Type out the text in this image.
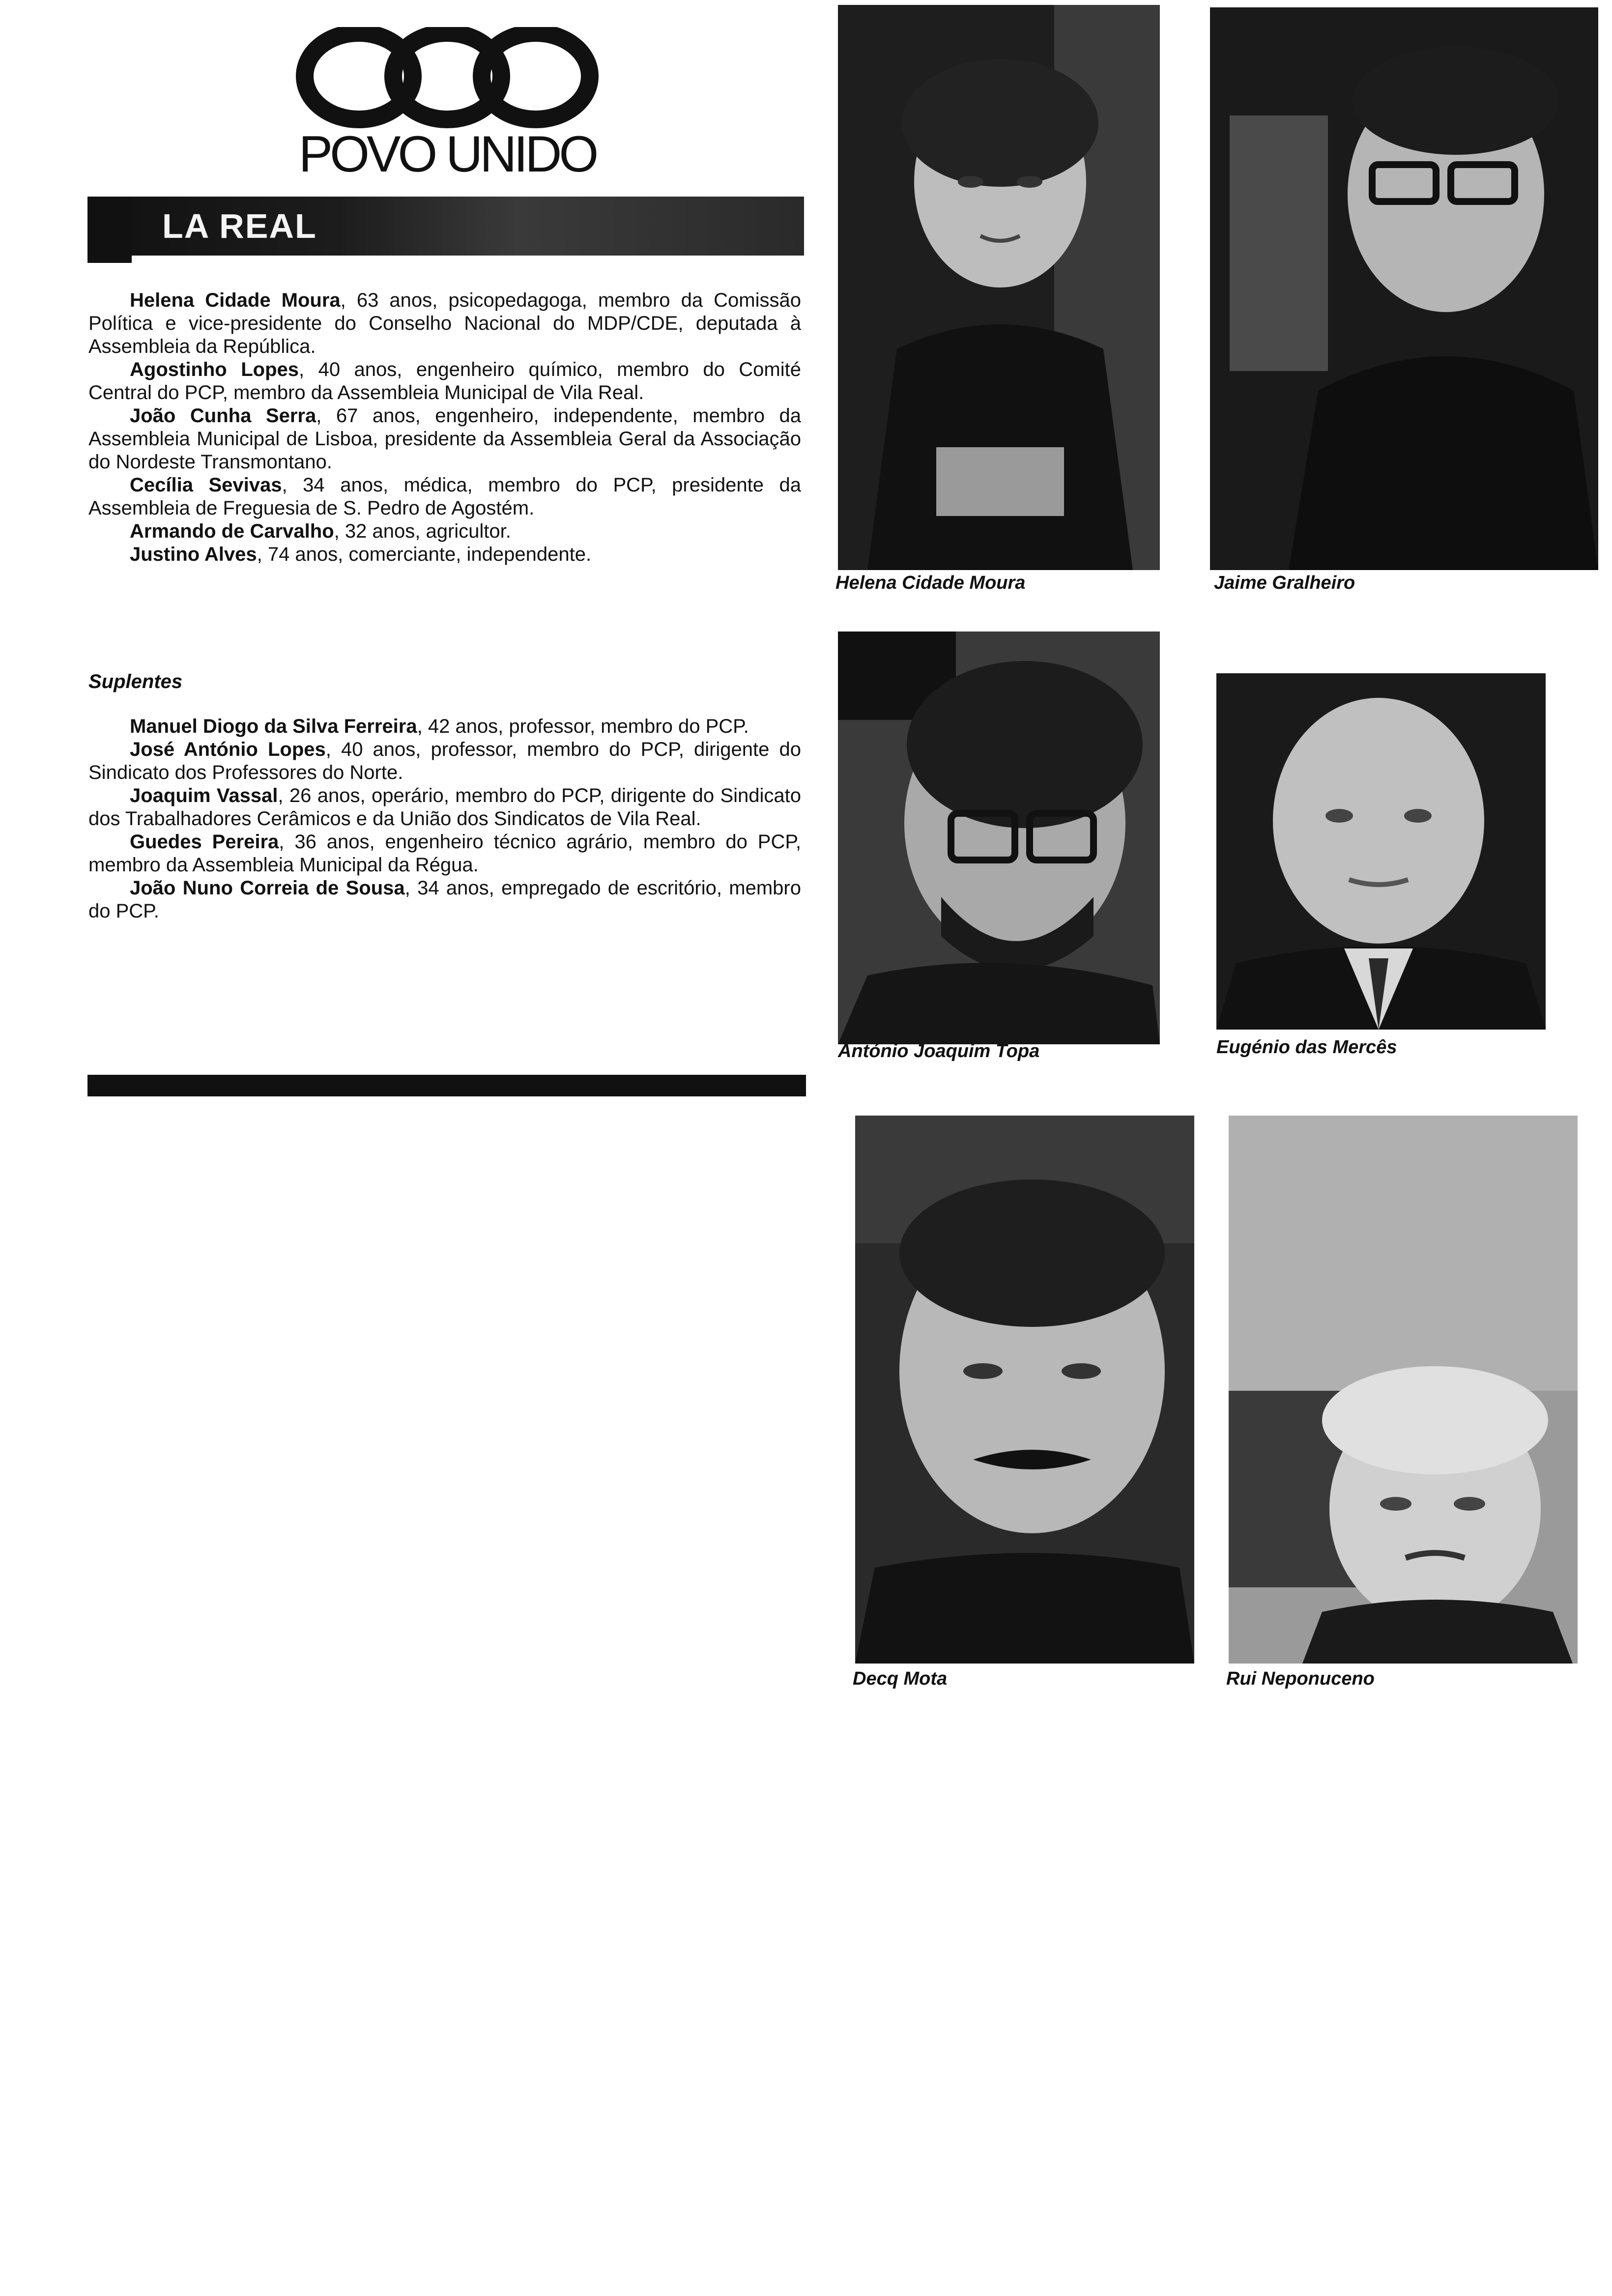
POVO UNIDO
LA REAL

Helena Cidade Moura, 63 anos, psicopedagoga, membro da Comissão Política e vice-presidente do Conselho Nacional do MDP/CDE, deputada à Assembleia da República.

Agostinho Lopes, 40 anos, engenheiro químico, membro do Comité Central do PCP, membro da Assembleia Municipal de Vila Real.

João Cunha Serra, 67 anos, engenheiro, independente, membro da Assembleia Municipal de Lisboa, presidente da Assembleia Geral da Associação do Nordeste Transmontano.

Cecília Sevivas, 34 anos, médica, membro do PCP, presidente da Assembleia de Freguesia de S. Pedro de Agostém.

Armando de Carvalho, 32 anos, agricultor.

Justino Alves, 74 anos, comerciante, independente.

Suplentes

Manuel Diogo da Silva Ferreira, 42 anos, professor, membro do PCP.

José António Lopes, 40 anos, professor, membro do PCP, dirigente do Sindicato dos Professores do Norte.

Joaquim Vassal, 26 anos, operário, membro do PCP, dirigente do Sindicato dos Trabalhadores Cerâmicos e da União dos Sindicatos de Vila Real.

Guedes Pereira, 36 anos, engenheiro técnico agrário, membro do PCP, membro da Assembleia Municipal da Régua.

João Nuno Correia de Sousa, 34 anos, empregado de escritório, membro do PCP.

Helena Cidade Moura	Jaime Gralheiro
António Joaquim Topa	Eugénio das Mercês
Decq Mota	Rui Neponuceno
